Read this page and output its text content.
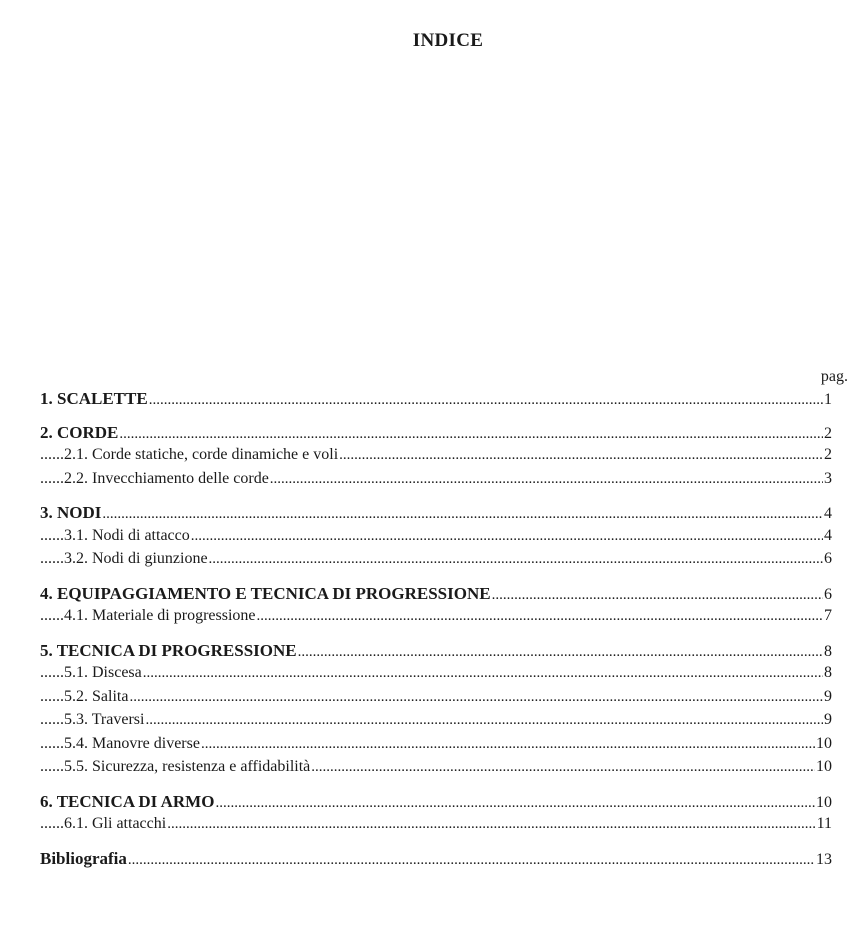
INDICE
pag.
1. SCALETTE .....	1
2. CORDE .....	2
......2.1. Corde statiche, corde dinamiche e voli .....	2
......2.2. Invecchiamento delle corde .....	3
3. NODI .....	4
......3.1. Nodi di attacco .....	4
......3.2. Nodi di giunzione .....	6
4. EQUIPAGGIAMENTO E TECNICA DI PROGRESSIONE .....	6
......4.1. Materiale di progressione .....	7
5. TECNICA DI PROGRESSIONE .....	8
......5.1. Discesa .....	8
......5.2. Salita .....	9
......5.3. Traversi .....	9
......5.4. Manovre diverse .....	10
......5.5. Sicurezza, resistenza e affidabilità .....	10
6. TECNICA DI ARMO .....	10
......6.1. Gli attacchi .....	11
Bibliografia .....	13
